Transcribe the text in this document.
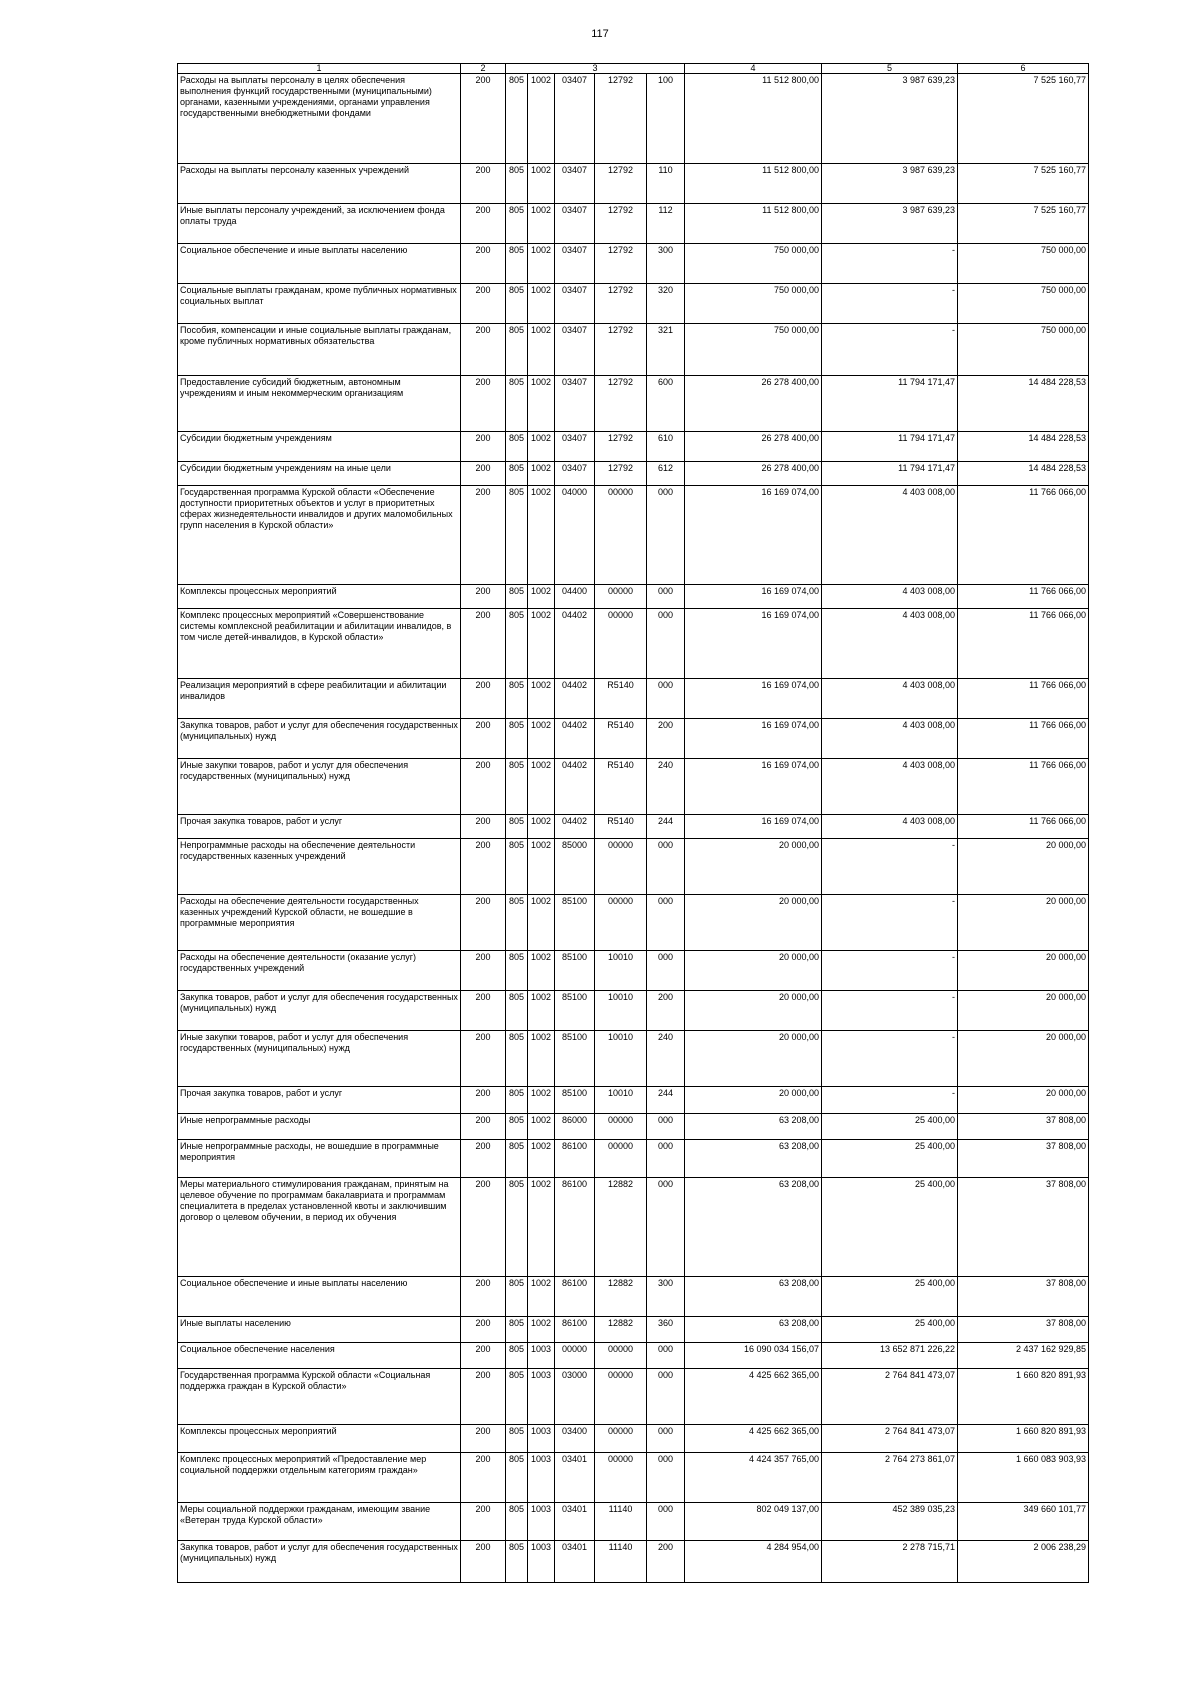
117
1	2	3					4	5	6
Расходы на выплаты персоналу в целях обеспечения выполнения функций государственными (муниципальными) органами, казенными учреждениями, органами управления государственными внебюджетными фондами	200	805	1002	03407	12792	100	11 512 800,00	3 987 639,23	7 525 160,77
Расходы на выплаты персоналу казенных учреждений	200	805	1002	03407	12792	110	11 512 800,00	3 987 639,23	7 525 160,77
Иные выплаты персоналу учреждений, за исключением фонда оплаты труда	200	805	1002	03407	12792	112	11 512 800,00	3 987 639,23	7 525 160,77
Социальное обеспечение и иные выплаты населению	200	805	1002	03407	12792	300	750 000,00	-	750 000,00
Социальные выплаты гражданам, кроме публичных нормативных социальных выплат	200	805	1002	03407	12792	320	750 000,00	-	750 000,00
Пособия, компенсации и иные социальные выплаты гражданам, кроме публичных нормативных обязательства	200	805	1002	03407	12792	321	750 000,00	-	750 000,00
Предоставление субсидий бюджетным, автономным учреждениям и иным некоммерческим организациям	200	805	1002	03407	12792	600	26 278 400,00	11 794 171,47	14 484 228,53
Субсидии бюджетным учреждениям	200	805	1002	03407	12792	610	26 278 400,00	11 794 171,47	14 484 228,53
Субсидии бюджетным учреждениям на иные цели	200	805	1002	03407	12792	612	26 278 400,00	11 794 171,47	14 484 228,53
Государственная программа Курской области «Обеспечение доступности приоритетных объектов и услуг в приоритетных сферах жизнедеятельности инвалидов и других маломобильных групп населения в Курской области»	200	805	1002	04000	00000	000	16 169 074,00	4 403 008,00	11 766 066,00
Комплексы процессных мероприятий	200	805	1002	04400	00000	000	16 169 074,00	4 403 008,00	11 766 066,00
Комплекс процессных мероприятий «Совершенствование системы комплексной реабилитации и абилитации инвалидов, в том числе детей-инвалидов, в Курской области»	200	805	1002	04402	00000	000	16 169 074,00	4 403 008,00	11 766 066,00
Реализация мероприятий в сфере реабилитации и абилитации инвалидов	200	805	1002	04402	R5140	000	16 169 074,00	4 403 008,00	11 766 066,00
Закупка товаров, работ и услуг для обеспечения государственных (муниципальных) нужд	200	805	1002	04402	R5140	200	16 169 074,00	4 403 008,00	11 766 066,00
Иные закупки товаров, работ и услуг для обеспечения государственных (муниципальных) нужд	200	805	1002	04402	R5140	240	16 169 074,00	4 403 008,00	11 766 066,00
Прочая закупка товаров, работ и услуг	200	805	1002	04402	R5140	244	16 169 074,00	4 403 008,00	11 766 066,00
Непрограммные расходы на обеспечение деятельности государственных казенных учреждений	200	805	1002	85000	00000	000	20 000,00	-	20 000,00
Расходы на обеспечение деятельности государственных казенных учреждений Курской области, не вошедшие в программные мероприятия	200	805	1002	85100	00000	000	20 000,00	-	20 000,00
Расходы на обеспечение деятельности (оказание услуг) государственных учреждений	200	805	1002	85100	10010	000	20 000,00	-	20 000,00
Закупка товаров, работ и услуг для обеспечения государственных (муниципальных) нужд	200	805	1002	85100	10010	200	20 000,00	-	20 000,00
Иные закупки товаров, работ и услуг для обеспечения государственных (муниципальных) нужд	200	805	1002	85100	10010	240	20 000,00	-	20 000,00
Прочая закупка товаров, работ и услуг	200	805	1002	85100	10010	244	20 000,00	-	20 000,00
Иные непрограммные расходы	200	805	1002	86000	00000	000	63 208,00	25 400,00	37 808,00
Иные непрограммные расходы, не вошедшие в программные мероприятия	200	805	1002	86100	00000	000	63 208,00	25 400,00	37 808,00
Меры материального стимулирования гражданам, принятым на целевое обучение по программам бакалавриата и программам специалитета в пределах установленной квоты и заключившим договор о целевом обучении, в период их обучения	200	805	1002	86100	12882	000	63 208,00	25 400,00	37 808,00
Социальное обеспечение и иные выплаты населению	200	805	1002	86100	12882	300	63 208,00	25 400,00	37 808,00
Иные выплаты населению	200	805	1002	86100	12882	360	63 208,00	25 400,00	37 808,00
Социальное обеспечение населения	200	805	1003	00000	00000	000	16 090 034 156,07	13 652 871 226,22	2 437 162 929,85
Государственная программа Курской области «Социальная поддержка граждан в Курской области»	200	805	1003	03000	00000	000	4 425 662 365,00	2 764 841 473,07	1 660 820 891,93
Комплексы процессных мероприятий	200	805	1003	03400	00000	000	4 425 662 365,00	2 764 841 473,07	1 660 820 891,93
Комплекс процессных мероприятий «Предоставление мер социальной поддержки отдельным категориям граждан»	200	805	1003	03401	00000	000	4 424 357 765,00	2 764 273 861,07	1 660 083 903,93
Меры социальной поддержки гражданам, имеющим звание «Ветеран труда Курской области»	200	805	1003	03401	11140	000	802 049 137,00	452 389 035,23	349 660 101,77
Закупка товаров, работ и услуг для обеспечения государственных (муниципальных) нужд	200	805	1003	03401	11140	200	4 284 954,00	2 278 715,71	2 006 238,29
